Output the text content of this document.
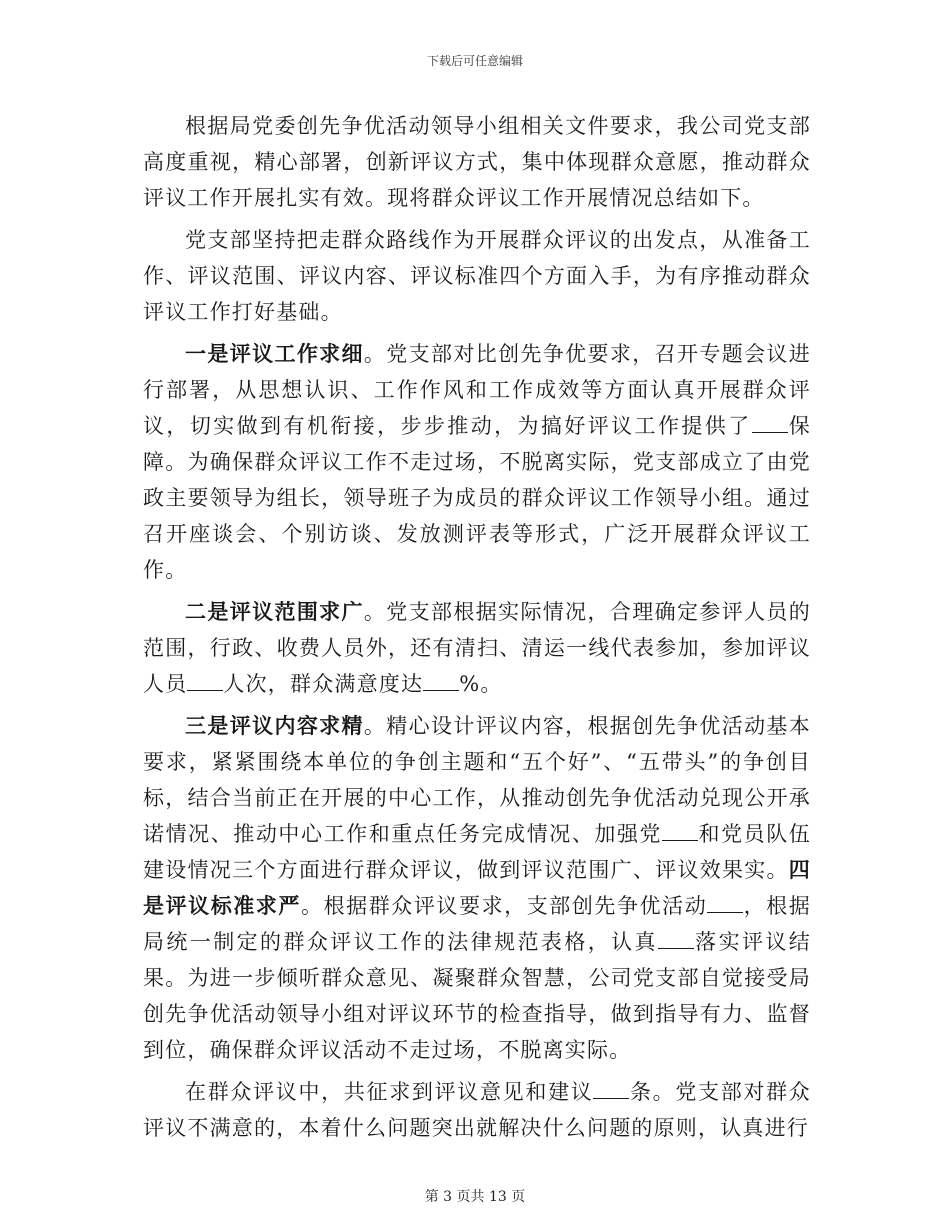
下载后可任意编辑

根据局党委创先争优活动领导小组相关文件要求，我公司党支部高度重视，精心部署，创新评议方式，集中体现群众意愿，推动群众评议工作开展扎实有效。现将群众评议工作开展情况总结如下。

党支部坚持把走群众路线作为开展群众评议的出发点，从准备工作、评议范围、评议内容、评议标准四个方面入手，为有序推动群众评议工作打好基础。

一是评议工作求细。党支部对比创先争优要求，召开专题会议进行部署，从思想认识、工作作风和工作成效等方面认真开展群众评议，切实做到有机衔接，步步推动，为搞好评议工作提供了 保障。为确保群众评议工作不走过场，不脱离实际，党支部成立了由党政主要领导为组长，领导班子为成员的群众评议工作领导小组。通过召开座谈会、个别访谈、发放测评表等形式，广泛开展群众评议工作。

二是评议范围求广。党支部根据实际情况，合理确定参评人员的范围，行政、收费人员外，还有清扫、清运一线代表参加，参加评议人员 人次，群众满意度达 %。

三是评议内容求精。精心设计评议内容，根据创先争优活动基本要求，紧紧围绕本单位的争创主题和“五个好”、“五带头”的争创目标，结合当前正在开展的中心工作，从推动创先争优活动兑现公开承诺情况、推动中心工作和重点任务完成情况、加强党 和党员队伍建设情况三个方面进行群众评议，做到评议范围广、评议效果实。四是评议标准求严。根据群众评议要求，支部创先争优活动 ，根据局统一制定的群众评议工作的法律规范表格，认真 落实评议结果。为进一步倾听群众意见、凝聚群众智慧，公司党支部自觉接受局创先争优活动领导小组对评议环节的检查指导，做到指导有力、监督到位，确保群众评议活动不走过场，不脱离实际。

在群众评议中，共征求到评议意见和建议 条。党支部对群众评议不满意的，本着什么问题突出就解决什么问题的原则，认真进行

第 3 页共 13 页
